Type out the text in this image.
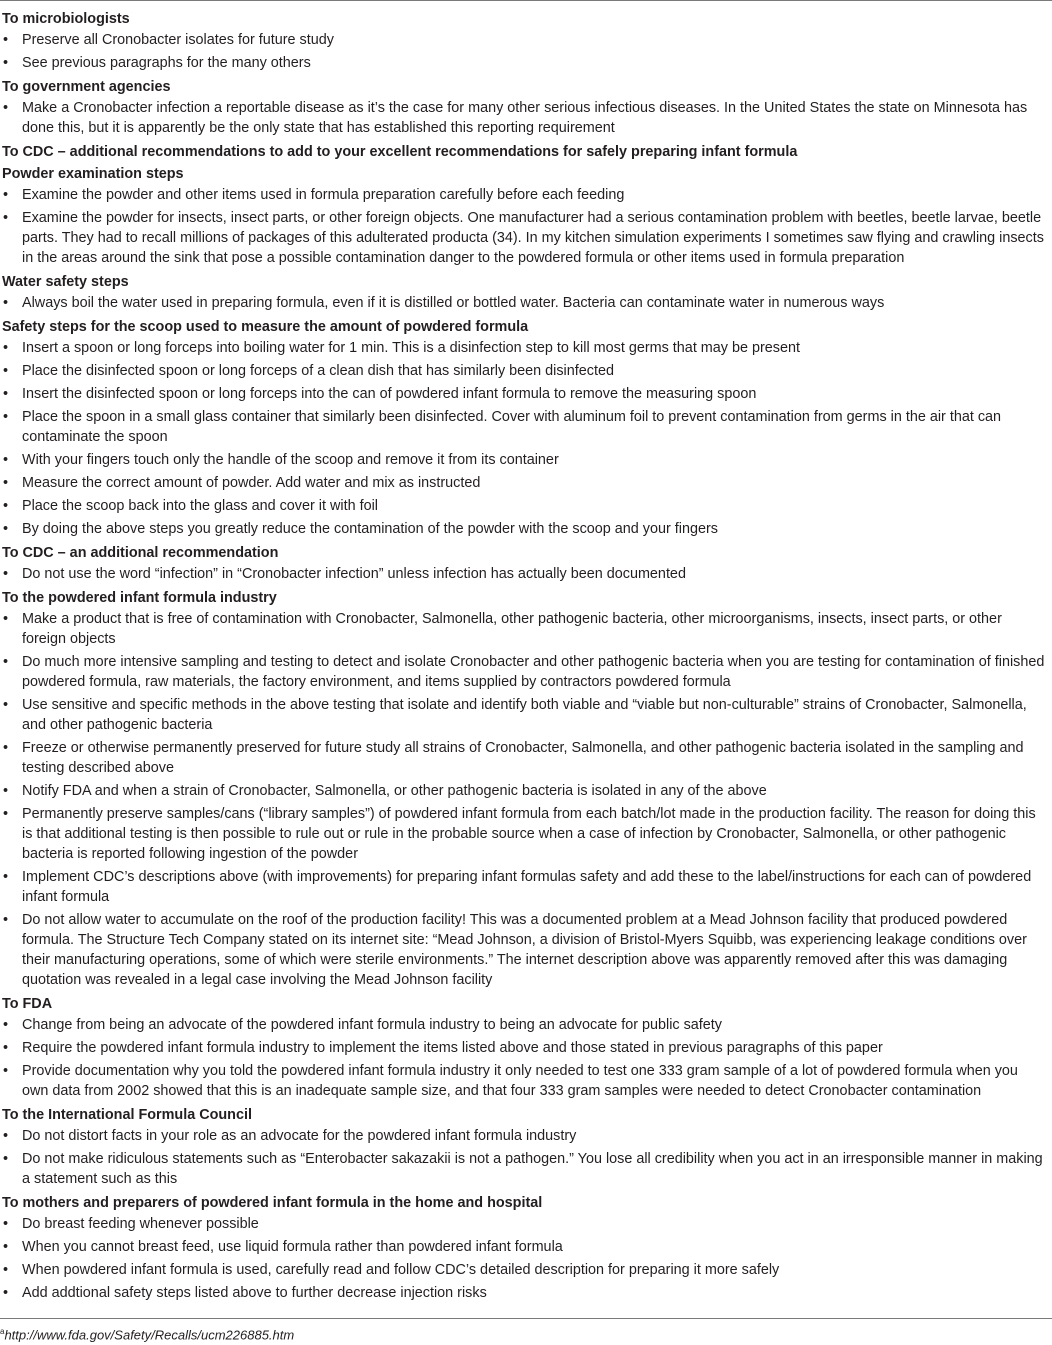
To microbiologists
• Preserve all Cronobacter isolates for future study
• See previous paragraphs for the many others
To government agencies
• Make a Cronobacter infection a reportable disease as it’s the case for many other serious infectious diseases. In the United States the state on Minnesota has done this, but it is apparently be the only state that has established this reporting requirement
To CDC – additional recommendations to add to your excellent recommendations for safely preparing infant formula
Powder examination steps
• Examine the powder and other items used in formula preparation carefully before each feeding
• Examine the powder for insects, insect parts, or other foreign objects. One manufacturer had a serious contamination problem with beetles, beetle larvae, beetle parts. They had to recall millions of packages of this adulterated producta (34). In my kitchen simulation experiments I sometimes saw flying and crawling insects in the areas around the sink that pose a possible contamination danger to the powdered formula or other items used in formula preparation
Water safety steps
• Always boil the water used in preparing formula, even if it is distilled or bottled water. Bacteria can contaminate water in numerous ways
Safety steps for the scoop used to measure the amount of powdered formula
• Insert a spoon or long forceps into boiling water for 1 min. This is a disinfection step to kill most germs that may be present
• Place the disinfected spoon or long forceps of a clean dish that has similarly been disinfected
• Insert the disinfected spoon or long forceps into the can of powdered infant formula to remove the measuring spoon
• Place the spoon in a small glass container that similarly been disinfected. Cover with aluminum foil to prevent contamination from germs in the air that can contaminate the spoon
• With your fingers touch only the handle of the scoop and remove it from its container
• Measure the correct amount of powder. Add water and mix as instructed
• Place the scoop back into the glass and cover it with foil
• By doing the above steps you greatly reduce the contamination of the powder with the scoop and your fingers
To CDC – an additional recommendation
• Do not use the word “infection” in “Cronobacter infection” unless infection has actually been documented
To the powdered infant formula industry
• Make a product that is free of contamination with Cronobacter, Salmonella, other pathogenic bacteria, other microorganisms, insects, insect parts, or other foreign objects
• Do much more intensive sampling and testing to detect and isolate Cronobacter and other pathogenic bacteria when you are testing for contamination of finished powdered formula, raw materials, the factory environment, and items supplied by contractors powdered formula
• Use sensitive and specific methods in the above testing that isolate and identify both viable and “viable but non-culturable” strains of Cronobacter, Salmonella, and other pathogenic bacteria
• Freeze or otherwise permanently preserved for future study all strains of Cronobacter, Salmonella, and other pathogenic bacteria isolated in the sampling and testing described above
• Notify FDA and when a strain of Cronobacter, Salmonella, or other pathogenic bacteria is isolated in any of the above
• Permanently preserve samples/cans (“library samples”) of powdered infant formula from each batch/lot made in the production facility. The reason for doing this is that additional testing is then possible to rule out or rule in the probable source when a case of infection by Cronobacter, Salmonella, or other pathogenic bacteria is reported following ingestion of the powder
• Implement CDC’s descriptions above (with improvements) for preparing infant formulas safety and add these to the label/instructions for each can of powdered infant formula
• Do not allow water to accumulate on the roof of the production facility! This was a documented problem at a Mead Johnson facility that produced powdered formula. The Structure Tech Company stated on its internet site: “Mead Johnson, a division of Bristol-Myers Squibb, was experiencing leakage conditions over their manufacturing operations, some of which were sterile environments.” The internet description above was apparently removed after this was damaging quotation was revealed in a legal case involving the Mead Johnson facility
To FDA
• Change from being an advocate of the powdered infant formula industry to being an advocate for public safety
• Require the powdered infant formula industry to implement the items listed above and those stated in previous paragraphs of this paper
• Provide documentation why you told the powdered infant formula industry it only needed to test one 333 gram sample of a lot of powdered formula when you own data from 2002 showed that this is an inadequate sample size, and that four 333 gram samples were needed to detect Cronobacter contamination
To the International Formula Council
• Do not distort facts in your role as an advocate for the powdered infant formula industry
• Do not make ridiculous statements such as “Enterobacter sakazakii is not a pathogen.” You lose all credibility when you act in an irresponsible manner in making a statement such as this
To mothers and preparers of powdered infant formula in the home and hospital
• Do breast feeding whenever possible
• When you cannot breast feed, use liquid formula rather than powdered infant formula
• When powdered infant formula is used, carefully read and follow CDC’s detailed description for preparing it more safely
• Add addtional safety steps listed above to further decrease injection risks
$^a$http://www.fda.gov/Safety/Recalls/ucm226885.htm
